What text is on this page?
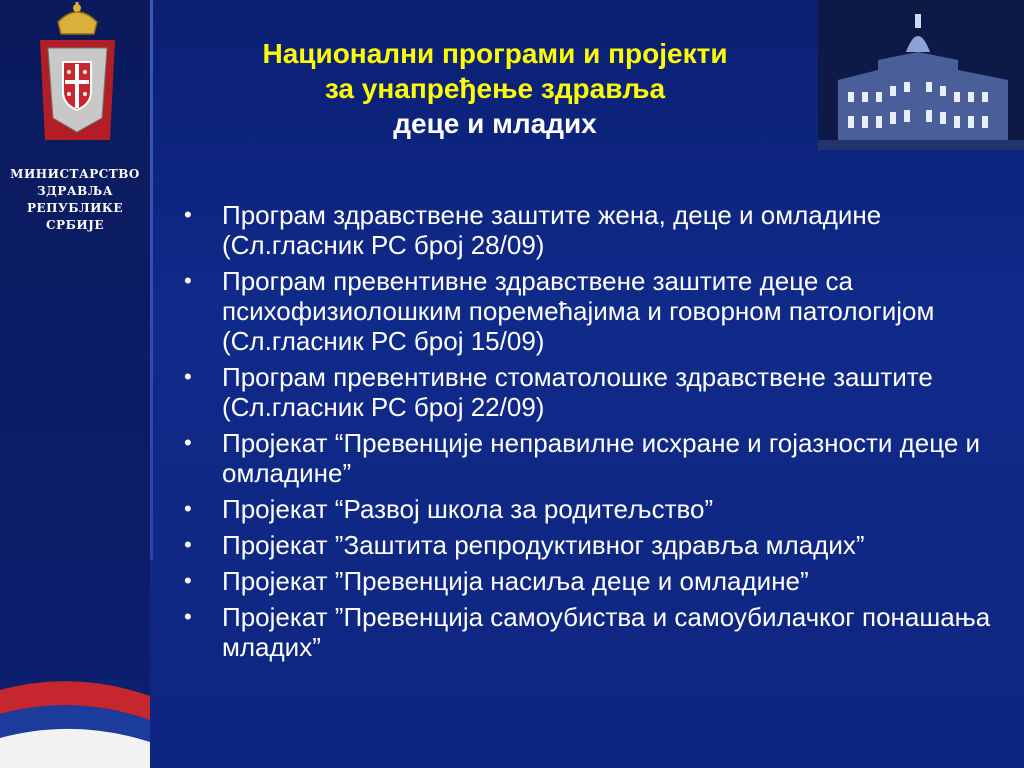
МИНИСТАРСТВО
ЗДРАВЉА
РЕПУБЛИКЕ
СРБИЈЕ
Национални програми и пројекти
за унапређење здравља
деце и младих
• Програм здравствене заштите жена, деце и омладине (Сл.гласник РС број 28/09)
• Програм превентивне здравствене заштите деце са психофизиолошким поремећајима и говорном патологијом (Сл.гласник РС број 15/09)
• Програм превентивне стоматолошке здравствене заштите (Сл.гласник РС број 22/09)
• Пројекат “Превенције неправилне исхране и гојазности деце и омладине”
• Пројекат “Развој школа за родитељство”
• Пројекат ”Заштита репродуктивног здравља младих”
• Пројекат ”Превенција насиља деце и омладине”
• Пројекат ”Превенција самоубиства и самоубилачког понашања младих”
